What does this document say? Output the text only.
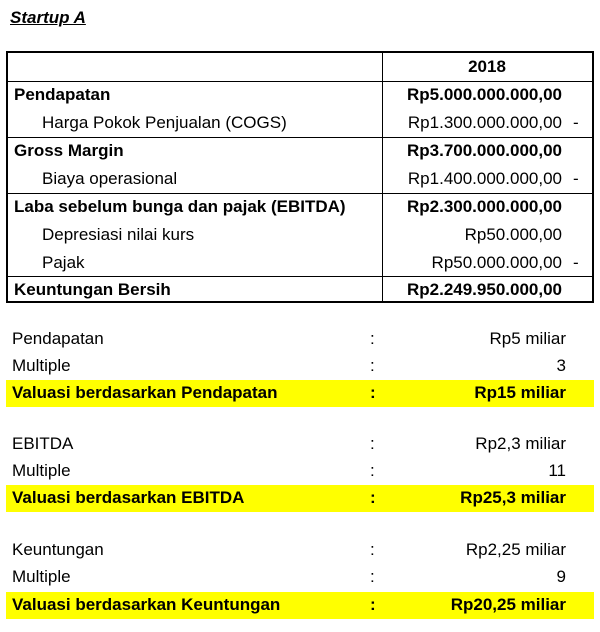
Startup A
2018
Pendapatan	Rp5.000.000.000,00
Harga Pokok Penjualan (COGS)	Rp1.300.000.000,00 -
Gross Margin	Rp3.700.000.000,00
Biaya operasional	Rp1.400.000.000,00 -
Laba sebelum bunga dan pajak (EBITDA)	Rp2.300.000.000,00
Depresiasi nilai kurs	Rp50.000,00
Pajak	Rp50.000.000,00 -
Keuntungan Bersih	Rp2.249.950.000,00
Pendapatan	:	Rp5 miliar
Multiple	:	3
Valuasi berdasarkan Pendapatan	:	Rp15 miliar
EBITDA	:	Rp2,3 miliar
Multiple	:	11
Valuasi berdasarkan EBITDA	:	Rp25,3 miliar
Keuntungan	:	Rp2,25 miliar
Multiple	:	9
Valuasi berdasarkan Keuntungan	:	Rp20,25 miliar
